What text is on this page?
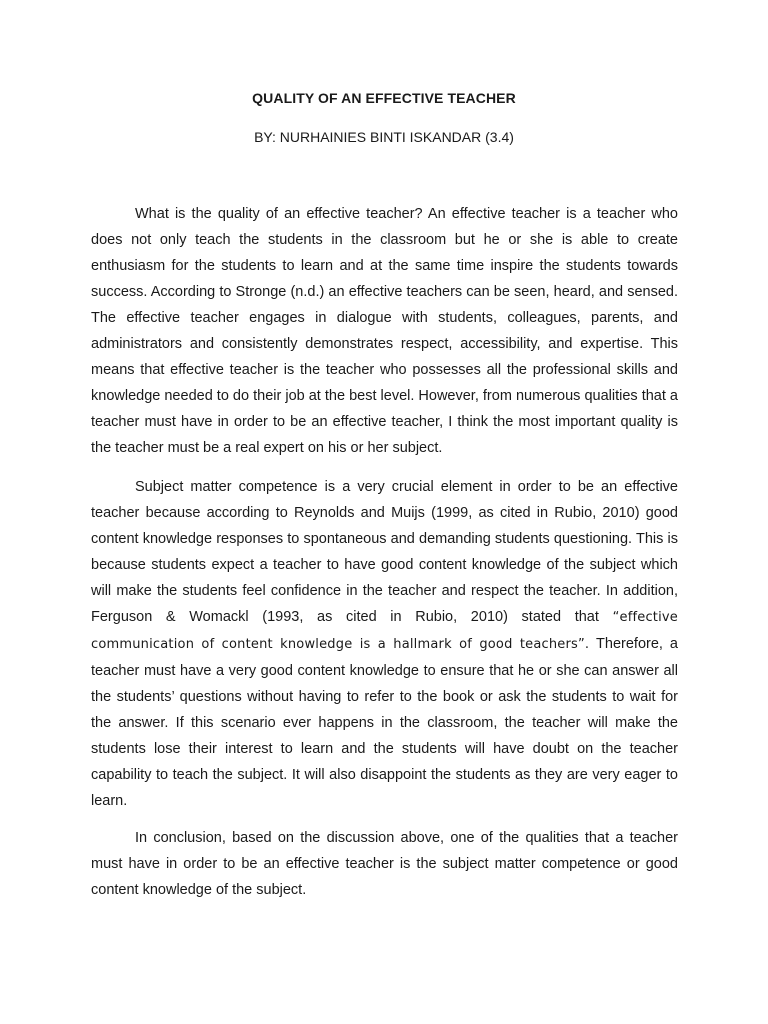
QUALITY OF AN EFFECTIVE TEACHER
BY: NURHAINIES BINTI ISKANDAR (3.4)

What is the quality of an effective teacher? An effective teacher is a teacher who does not only teach the students in the classroom but he or she is able to create enthusiasm for the students to learn and at the same time inspire the students towards success. According to Stronge (n.d.) an effective teachers can be seen, heard, and sensed. The effective teacher engages in dialogue with students, colleagues, parents, and administrators and consistently demonstrates respect, accessibility, and expertise. This means that effective teacher is the teacher who possesses all the professional skills and knowledge needed to do their job at the best level. However, from numerous qualities that a teacher must have in order to be an effective teacher, I think the most important quality is the teacher must be a real expert on his or her subject.

Subject matter competence is a very crucial element in order to be an effective teacher because according to Reynolds and Muijs (1999, as cited in Rubio, 2010) good content knowledge responses to spontaneous and demanding students questioning. This is because students expect a teacher to have good content knowledge of the subject which will make the students feel confidence in the teacher and respect the teacher. In addition, Ferguson & Womackl (1993, as cited in Rubio, 2010) stated that “effective communication of content knowledge is a hallmark of good teachers”. Therefore, a teacher must have a very good content knowledge to ensure that he or she can answer all the students’ questions without having to refer to the book or ask the students to wait for the answer. If this scenario ever happens in the classroom, the teacher will make the students lose their interest to learn and the students will have doubt on the teacher capability to teach the subject. It will also disappoint the students as they are very eager to learn.

In conclusion, based on the discussion above, one of the qualities that a teacher must have in order to be an effective teacher is the subject matter competence or good content knowledge of the subject.
